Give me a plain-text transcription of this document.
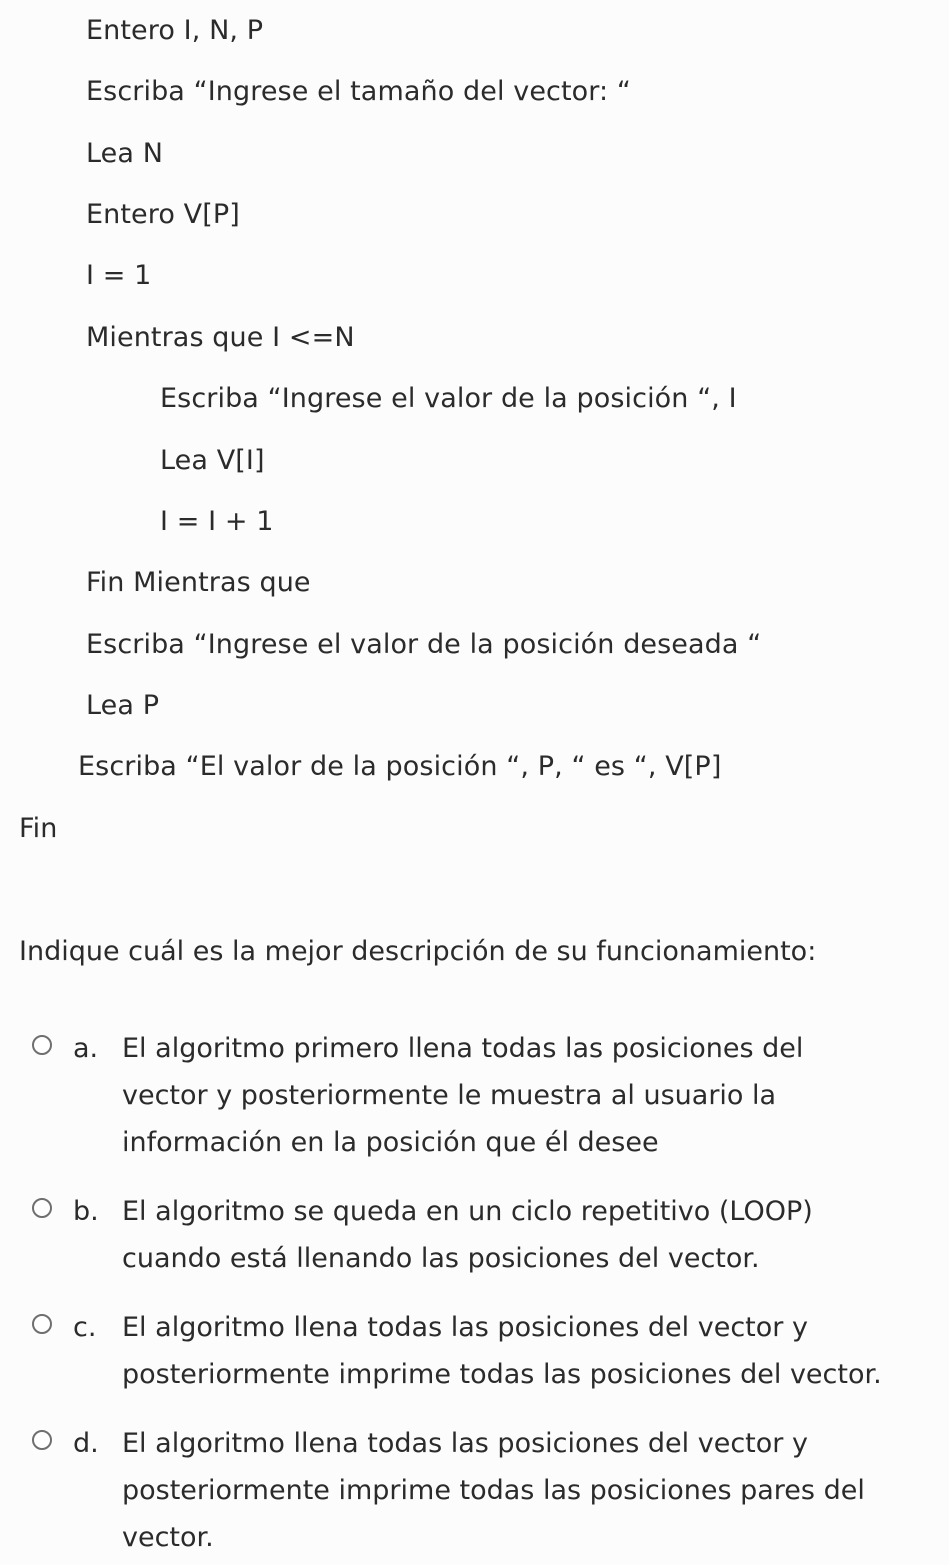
Entero I, N, P
Escriba “Ingrese el tamaño del vector: “
Lea N
Entero V[P]
I = 1
Mientras que I <=N
Escriba “Ingrese el valor de la posición “, I
Lea V[I]
I = I + 1
Fin Mientras que
Escriba “Ingrese el valor de la posición deseada “
Lea P
Escriba “El valor de la posición “, P, “ es “, V[P]
Fin
Indique cuál es la mejor descripción de su funcionamiento:
a. El algoritmo primero llena todas las posiciones del vector y posteriormente le muestra al usuario la información en la posición que él desee
b. El algoritmo se queda en un ciclo repetitivo (LOOP) cuando está llenando las posiciones del vector.
c. El algoritmo llena todas las posiciones del vector y posteriormente imprime todas las posiciones del vector.
d. El algoritmo llena todas las posiciones del vector y posteriormente imprime todas las posiciones pares del vector.
